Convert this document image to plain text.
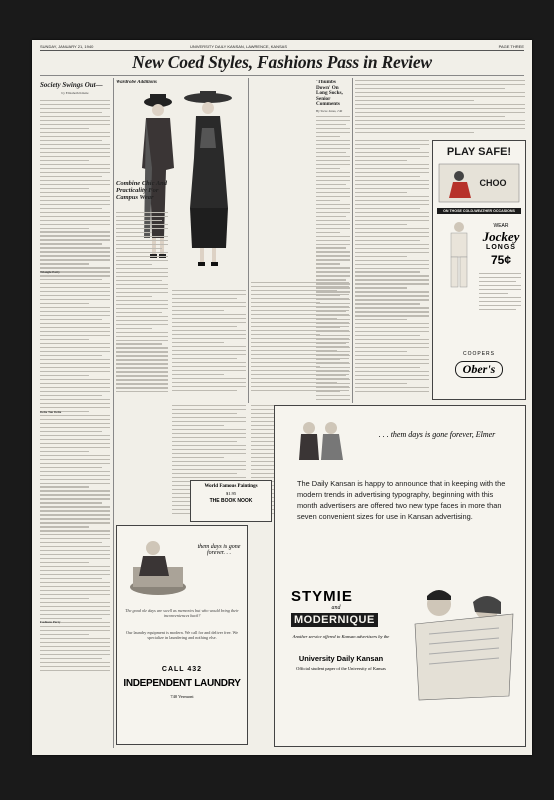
SUNDAY, JANUARY 21, 1940	UNIVERSITY DAILY KANSAN, LAWRENCE, KANSAS	PAGE THREE
New Coed Styles, Fashions Pass in Review
Society Swings Out—
by Elizabeth Kinzie
Triangle Party
Delta Tau Delta
Fashions Party
Wardrobe Additions
Combine Chic And Practicality For Campus Wear
'Thumbs Down' On Long Socks, Senior Comments
By Steve Jones, c'40
PLAY SAFE!
CHOO
ON THOSE COLD-WEATHER OCCASIONS
WEAR
Jockey
LONGS
75¢
COOPERS
Ober's
World Famous Paintings
$1.95
THE BOOK NOOK
them days is gone forever. . .
The good ole days are swell as memories but who would bring their inconveniences back?
Our laundry equipment is modern. We call for and deliver free. We specialize in laundering and nothing else.
CALL 432
INDEPENDENT LAUNDRY
740 Vermont
. . . them days is gone forever, Elmer
The Daily Kansan is happy to announce that in keeping with the modern trends in advertising typography, beginning with this month advertisers are offered two new type faces in more than seven convenient sizes for use in Kansan advertising.
STYMIE
and
MODERNIQUE
Another service offered to Kansan advertisers by the
University Daily Kansan
Official student paper of the University of Kansas
